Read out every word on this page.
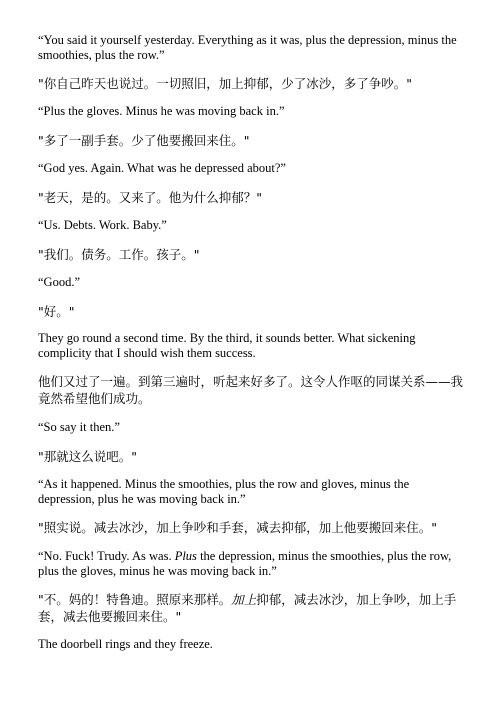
“You said it yourself yesterday. Everything as it was, plus the depression, minus the smoothies, plus the row.”

"你自己昨天也说过。一切照旧，加上抑郁，少了冰沙，多了争吵。"

“Plus the gloves. Minus he was moving back in.”

"多了一副手套。少了他要搬回来住。"

“God yes. Again. What was he depressed about?”

"老天，是的。又来了。他为什么抑郁？"

“Us. Debts. Work. Baby.”

"我们。债务。工作。孩子。"

“Good.”

"好。"

They go round a second time. By the third, it sounds better. What sickening complicity that I should wish them success.

他们又过了一遍。到第三遍时，听起来好多了。这令人作呕的同谋关系——我竟然希望他们成功。

“So say it then.”

"那就这么说吧。"

“As it happened. Minus the smoothies, plus the row and gloves, minus the depression, plus he was moving back in.”

"照实说。减去冰沙，加上争吵和手套，减去抑郁，加上他要搬回来住。"

“No. Fuck! Trudy. As was. Plus the depression, minus the smoothies, plus the row, plus the gloves, minus he was moving back in.”

"不。妈的！特鲁迪。照原来那样。加上抑郁，减去冰沙，加上争吵，加上手套，减去他要搬回来住。"

The doorbell rings and they freeze.
